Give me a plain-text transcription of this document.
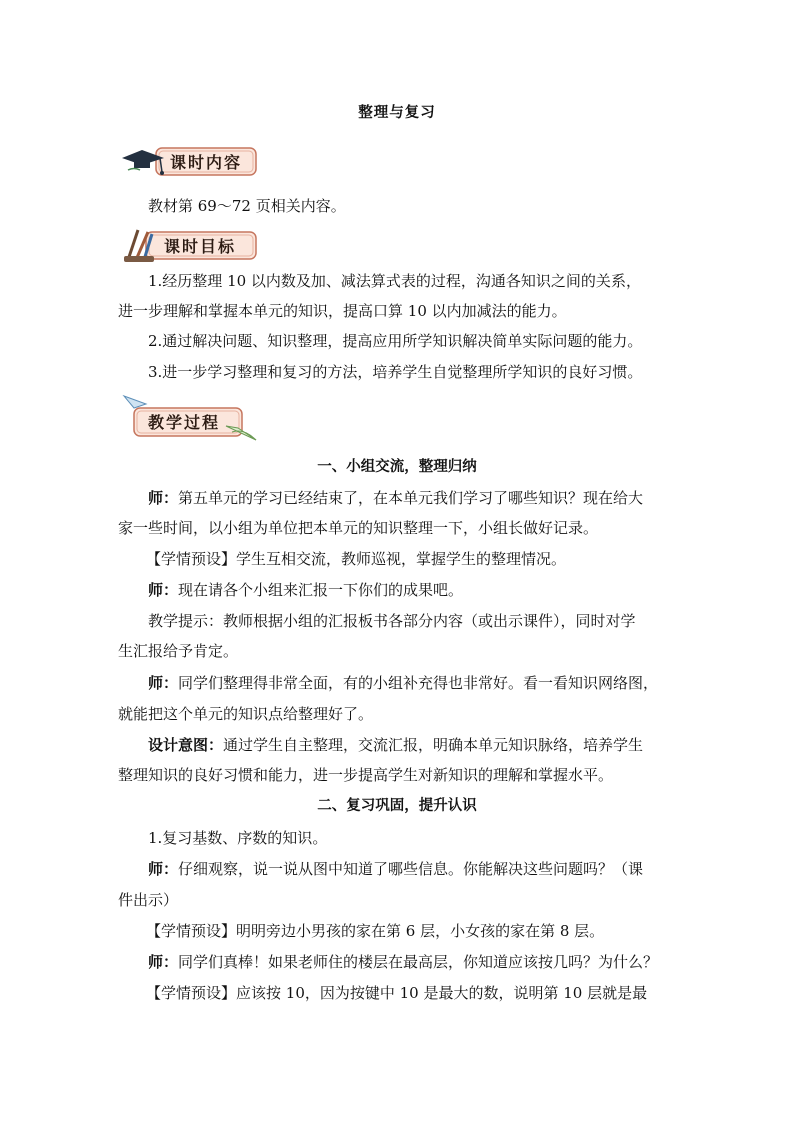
整理与复习
课时内容
教材第 69～72 页相关内容。
课时目标
1.经历整理 10 以内数及加、减法算式表的过程，沟通各知识之间的关系，
进一步理解和掌握本单元的知识，提高口算 10 以内加减法的能力。
2.通过解决问题、知识整理，提高应用所学知识解决简单实际问题的能力。
3.进一步学习整理和复习的方法，培养学生自觉整理所学知识的良好习惯。
教学过程
一、小组交流，整理归纳
师：第五单元的学习已经结束了，在本单元我们学习了哪些知识？现在给大
家一些时间，以小组为单位把本单元的知识整理一下，小组长做好记录。
【学情预设】学生互相交流，教师巡视，掌握学生的整理情况。
师：现在请各个小组来汇报一下你们的成果吧。
教学提示：教师根据小组的汇报板书各部分内容（或出示课件），同时对学
生汇报给予肯定。
师：同学们整理得非常全面，有的小组补充得也非常好。看一看知识网络图，
就能把这个单元的知识点给整理好了。
设计意图：通过学生自主整理，交流汇报，明确本单元知识脉络，培养学生
整理知识的良好习惯和能力，进一步提高学生对新知识的理解和掌握水平。
二、复习巩固，提升认识
1.复习基数、序数的知识。
师：仔细观察，说一说从图中知道了哪些信息。你能解决这些问题吗？（课
件出示）
【学情预设】明明旁边小男孩的家在第 6 层，小女孩的家在第 8 层。
师：同学们真棒！如果老师住的楼层在最高层，你知道应该按几吗？为什么？
【学情预设】应该按 10，因为按键中 10 是最大的数，说明第 10 层就是最
